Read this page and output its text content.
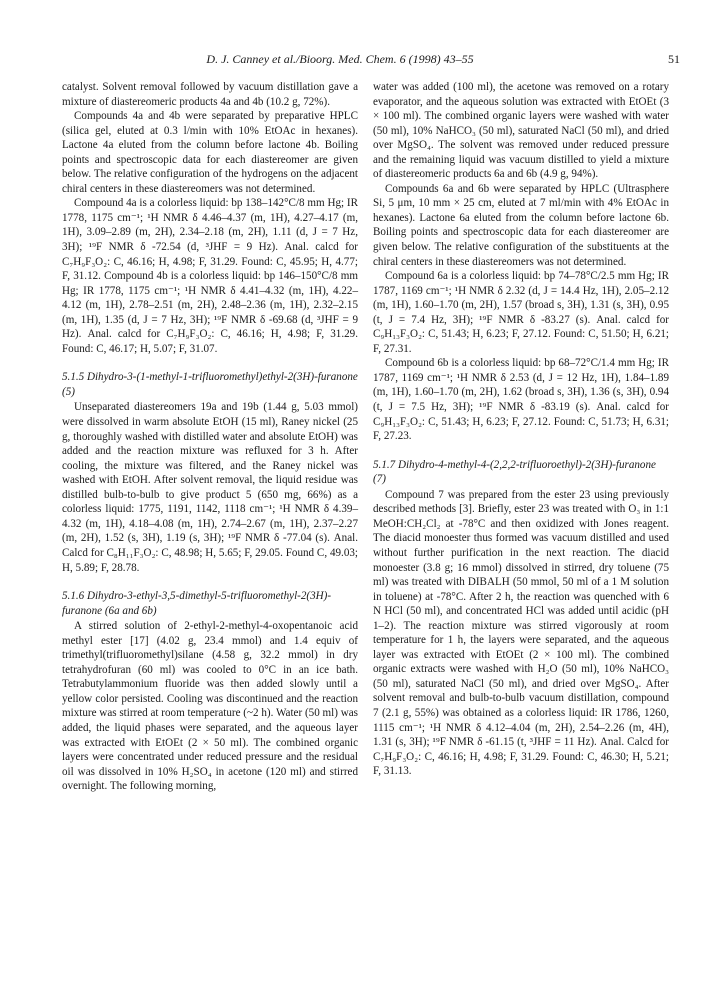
D. J. Canney et al./Bioorg. Med. Chem. 6 (1998) 43–55	51

catalyst. Solvent removal followed by vacuum distillation gave a mixture of diastereomeric products 4a and 4b (10.2 g, 72%).

Compounds 4a and 4b were separated by preparative HPLC (silica gel, eluted at 0.3 l/min with 10% EtOAc in hexanes). Lactone 4a eluted from the column before lactone 4b. Boiling points and spectroscopic data for each diastereomer are given below. The relative configuration of the hydrogens on the adjacent chiral centers in these diastereomers was not determined.

Compound 4a is a colorless liquid: bp 138–142°C/8 mm Hg; IR 1778, 1175 cm⁻¹; ¹H NMR δ 4.46–4.37 (m, 1H), 4.27–4.17 (m, 1H), 3.09–2.89 (m, 2H), 2.34–2.18 (m, 2H), 1.11 (d, J = 7 Hz, 3H); ¹⁹F NMR δ -72.54 (d, ³JHF = 9 Hz). Anal. calcd for C₇H₉F₃O₂: C, 46.16; H, 4.98; F, 31.29. Found: C, 45.95; H, 4.77; F, 31.12. Compound 4b is a colorless liquid: bp 146–150°C/8 mm Hg; IR 1778, 1175 cm⁻¹; ¹H NMR δ 4.41–4.32 (m, 1H), 4.22–4.12 (m, 1H), 2.78–2.51 (m, 2H), 2.48–2.36 (m, 1H), 2.32–2.15 (m, 1H), 1.35 (d, J = 7 Hz, 3H); ¹⁹F NMR δ -69.68 (d, ³JHF = 9 Hz). Anal. calcd for C₇H₉F₃O₂: C, 46.16; H, 4.98; F, 31.29. Found: C, 46.17; H, 5.07; F, 31.07.

5.1.5 Dihydro-3-(1-methyl-1-trifluoromethyl)ethyl-2(3H)-furanone (5)

Unseparated diastereomers 19a and 19b (1.44 g, 5.03 mmol) were dissolved in warm absolute EtOH (15 ml), Raney nickel (25 g, thoroughly washed with distilled water and absolute EtOH) was added and the reaction mixture was refluxed for 3 h. After cooling, the mixture was filtered, and the Raney nickel was washed with EtOH. After solvent removal, the liquid residue was distilled bulb-to-bulb to give product 5 (650 mg, 66%) as a colorless liquid: 1775, 1191, 1142, 1118 cm⁻¹; ¹H NMR δ 4.39–4.32 (m, 1H), 4.18–4.08 (m, 1H), 2.74–2.67 (m, 1H), 2.37–2.27 (m, 2H), 1.52 (s, 3H), 1.19 (s, 3H); ¹⁹F NMR δ -77.04 (s). Anal. Calcd for C₈H₁₁F₃O₂: C, 48.98; H, 5.65; F, 29.05. Found C, 49.03; H, 5.89; F, 28.78.

5.1.6 Dihydro-3-ethyl-3,5-dimethyl-5-trifluoromethyl-2(3H)-furanone (6a and 6b)

A stirred solution of 2-ethyl-2-methyl-4-oxopentanoic acid methyl ester [17] (4.02 g, 23.4 mmol) and 1.4 equiv of trimethyl(trifluoromethyl)silane (4.58 g, 32.2 mmol) in dry tetrahydrofuran (60 ml) was cooled to 0°C in an ice bath. Tetrabutylammonium fluoride was then added slowly until a yellow color persisted. Cooling was discontinued and the reaction mixture was stirred at room temperature (~2 h). Water (50 ml) was added, the liquid phases were separated, and the aqueous layer was extracted with EtOEt (2 × 50 ml). The combined organic layers were concentrated under reduced pressure and the residual oil was dissolved in 10% H₂SO₄ in acetone (120 ml) and stirred overnight. The following morning,

water was added (100 ml), the acetone was removed on a rotary evaporator, and the aqueous solution was extracted with EtOEt (3 × 100 ml). The combined organic layers were washed with water (50 ml), 10% NaHCO₃ (50 ml), saturated NaCl (50 ml), and dried over MgSO₄. The solvent was removed under reduced pressure and the remaining liquid was vacuum distilled to yield a mixture of diastereomeric products 6a and 6b (4.9 g, 94%).

Compounds 6a and 6b were separated by HPLC (Ultrasphere Si, 5 μm, 10 mm × 25 cm, eluted at 7 ml/min with 4% EtOAc in hexanes). Lactone 6a eluted from the column before lactone 6b. Boiling points and spectroscopic data for each diastereomer are given below. The relative configuration of the substituents at the chiral centers in these diastereomers was not determined.

Compound 6a is a colorless liquid: bp 74–78°C/2.5 mm Hg; IR 1787, 1169 cm⁻¹; ¹H NMR δ 2.32 (d, J = 14.4 Hz, 1H), 2.05–2.12 (m, 1H), 1.60–1.70 (m, 2H), 1.57 (broad s, 3H), 1.31 (s, 3H), 0.95 (t, J = 7.4 Hz, 3H); ¹⁹F NMR δ -83.27 (s). Anal. calcd for C₉H₁₃F₃O₂: C, 51.43; H, 6.23; F, 27.12. Found: C, 51.50; H, 6.21; F, 27.31.

Compound 6b is a colorless liquid: bp 68–72°C/1.4 mm Hg; IR 1787, 1169 cm⁻¹; ¹H NMR δ 2.53 (d, J = 12 Hz, 1H), 1.84–1.89 (m, 1H), 1.60–1.70 (m, 2H), 1.62 (broad s, 3H), 1.36 (s, 3H), 0.94 (t, J = 7.5 Hz, 3H); ¹⁹F NMR δ -83.19 (s). Anal. calcd for C₉H₁₃F₃O₂: C, 51.43; H, 6.23; F, 27.12. Found: C, 51.73; H, 6.31; F, 27.23.

5.1.7 Dihydro-4-methyl-4-(2,2,2-trifluoroethyl)-2(3H)-furanone (7)

Compound 7 was prepared from the ester 23 using previously described methods [3]. Briefly, ester 23 was treated with O₃ in 1:1 MeOH:CH₂Cl₂ at -78°C and then oxidized with Jones reagent. The diacid monoester thus formed was vacuum distilled and used without further purification in the next reaction. The diacid monoester (3.8 g; 16 mmol) dissolved in stirred, dry toluene (75 ml) was treated with DIBALH (50 mmol, 50 ml of a 1 M solution in toluene) at -78°C. After 2 h, the reaction was quenched with 6 N HCl (50 ml), and concentrated HCl was added until acidic (pH 1–2). The reaction mixture was stirred vigorously at room temperature for 1 h, the layers were separated, and the aqueous layer was extracted with EtOEt (2 × 100 ml). The combined organic extracts were washed with H₂O (50 ml), 10% NaHCO₃ (50 ml), saturated NaCl (50 ml), and dried over MgSO₄. After solvent removal and bulb-to-bulb vacuum distillation, compound 7 (2.1 g, 55%) was obtained as a colorless liquid: IR 1786, 1260, 1115 cm⁻¹; ¹H NMR δ 4.12–4.04 (m, 2H), 2.54–2.26 (m, 4H), 1.31 (s, 3H); ¹⁹F NMR δ -61.15 (t, ³JHF = 11 Hz). Anal. Calcd for C₇H₉F₃O₂: C, 46.16; H, 4.98; F, 31.29. Found: C, 46.30; H, 5.21; F, 31.13.
